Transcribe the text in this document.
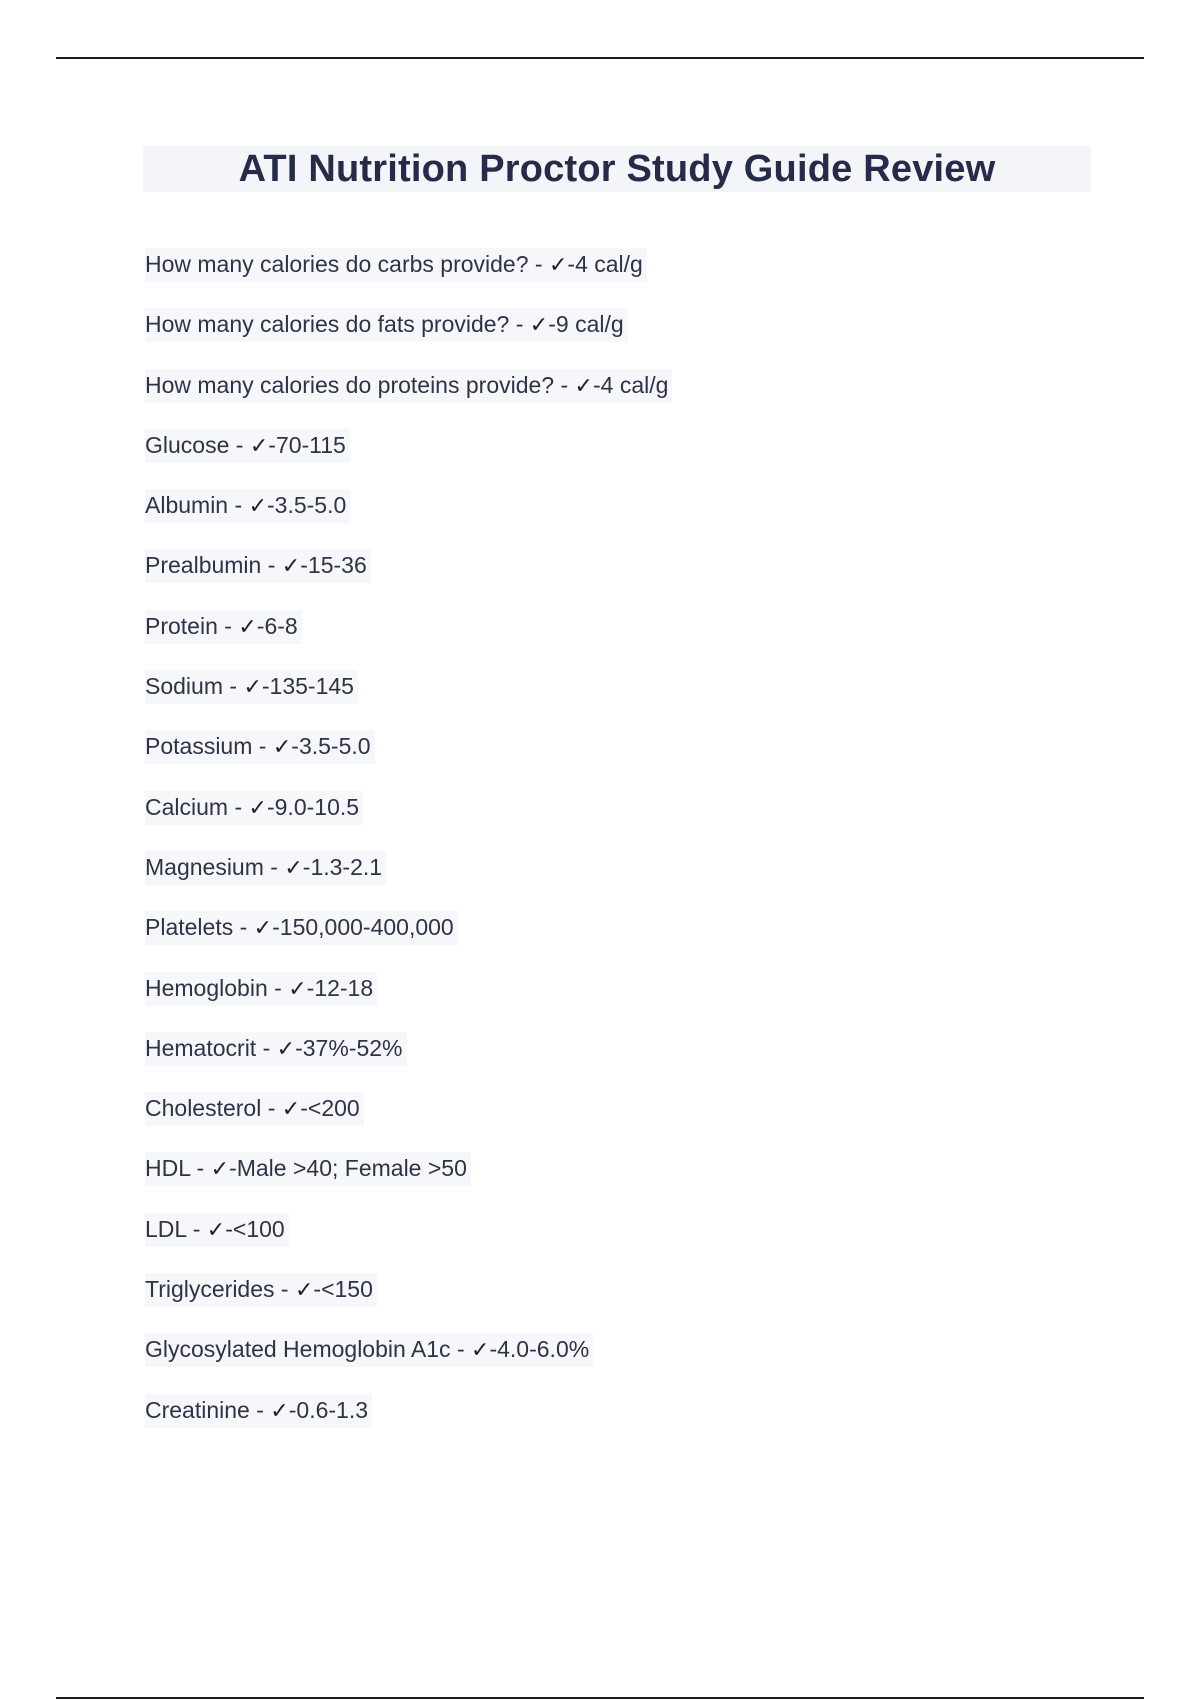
ATI Nutrition Proctor Study Guide Review
How many calories do carbs provide? - ✓-4 cal/g
How many calories do fats provide? - ✓-9 cal/g
How many calories do proteins provide? - ✓-4 cal/g
Glucose - ✓-70-115
Albumin - ✓-3.5-5.0
Prealbumin - ✓-15-36
Protein - ✓-6-8
Sodium - ✓-135-145
Potassium - ✓-3.5-5.0
Calcium - ✓-9.0-10.5
Magnesium - ✓-1.3-2.1
Platelets - ✓-150,000-400,000
Hemoglobin - ✓-12-18
Hematocrit - ✓-37%-52%
Cholesterol - ✓-<200
HDL - ✓-Male >40; Female >50
LDL - ✓-<100
Triglycerides - ✓-<150
Glycosylated Hemoglobin A1c - ✓-4.0-6.0%
Creatinine - ✓-0.6-1.3
